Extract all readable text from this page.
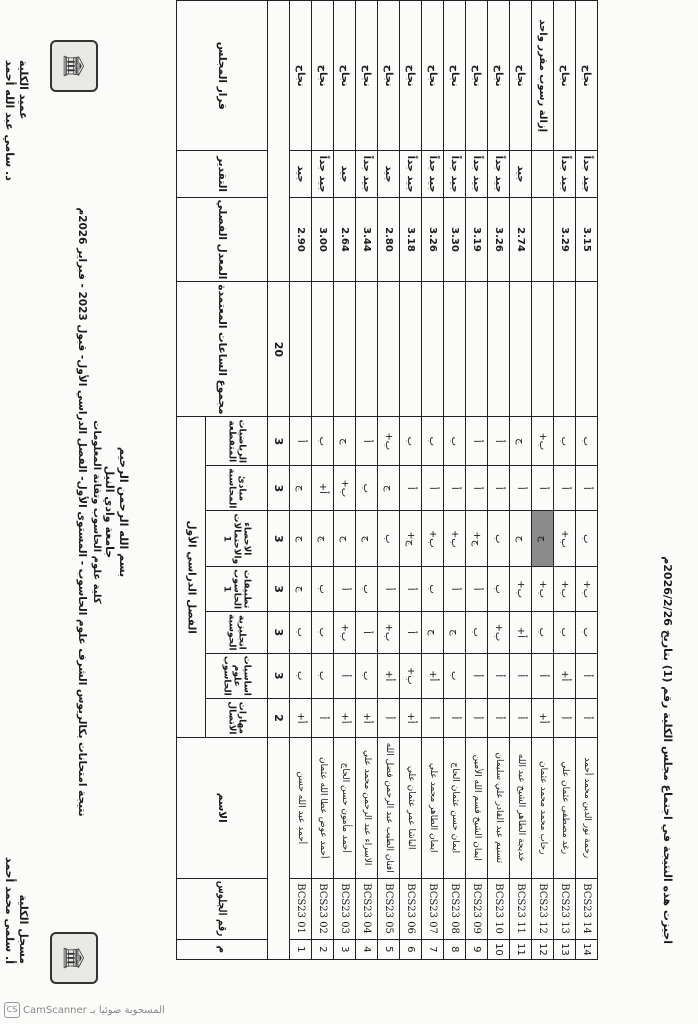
بسم الله الرحمن الرحيم
جامعة وادي النيل
كلية علوم الحاسوب وتقانة المعلومات
نتيجة امتحانات بكالريوس الشرف علوم الحاسوب - المستوى الأول- الفصل الدراسي الأول- قبول 2023 - فبراير 2026م
🏛
🏛
اجيزت هذه النتيجة في اجتماع مجلس الكلية رقم (1) بتاريخ 2026/2/26م
مسجل الكلية
أ. سلمى محمد أحمد
عميد الكلية
د. سامي عبد الله أحمد
م	رقم الجلوس	الاسم	الفصل الدراسي الأول							مجموع الساعات المعتمدة	المعدل الفصلي	التقدير	قرار المجلس
			مهارات الاتصال	اساسيات علوم الحاسوب	انجليزية الحوسبة	تطبيقات الحاسوب 1	الاحصاء والاحتمالات 1	مبادئ المحاسبة	الرياضيات المتقطعة				
			2	3	3	3	3	3	3	20			
1	BCS23 01	أحمد عبد الله حسن	أ+	ب	ب	ج	ج	ج	أ		2.90	جيد	نجاح
2	BCS23 02	أحمد عوض عطا الله عثمان	أ	ب	ب	ب	ج	أ+	ب		3.00	جيد جداً	نجاح
3	BCS23 03	أحمد مأمون حسن الحاج	أ+	أ	ب+	أ	ج	ب+	ج		2.64	جيد	نجاح
4	BCS23 04	الاسراء عبد الرحمن محمد علي	أ+	ب	أ	ب	ج	ب	أ		3.44	جيد جداً	نجاح
5	BCS23 05	افنان الطيب عبد الرحمن فضل الله	أ	أ+	ب+	أ	ب	ج	ب+		2.80	جيد	نجاح
6	BCS23 06	الباشا عمر عثمان علي	أ+	ب+	أ	أ	ج+	أ	ب		3.18	جيد جداً	نجاح
7	BCS23 07	ايمان الطاهر محمد علي	أ	أ+	ج	ب	ب+	أ	ب		3.26	جيد جداً	نجاح
8	BCS23 08	ايمان حسن عثمان الحاج	أ	ب	ج	أ	ب+	أ	ب		3.30	جيد جداً	نجاح
9	BCS23 09	ايمان الشيخ قسم الله الأمين	أ	أ	ب	أ	ج+	أ	أ		3.19	جيد جداً	نجاح
10	BCS23 10	تسنيم عبد القادر علي سليمان	أ	أ	ب+	ب	ب	أ	أ		3.26	جيد جداً	نجاح
11	BCS23 11	خديجة الطاهر الشيخ عبد الله	أ	أ	أ+	ب+	ج	أ	ج		2.74	جيد	نجاح
12	BCS23 12	رحاب محمد محمد عثمان	أ+	أ	ب	ب+	ج	أ	ب+				إزالة رسوب مقرر واحد
13	BCS23 13	رغد مصطفى عثمان علي	أ	أ+	ب	ب+	ب+	أ	ب		3.29	جيد جداً	نجاح
14	BCS23 14	رحمة نور الدين محمد أحمد	أ	أ	ب	ب+	ب	أ	ب		3.15	جيد جداً	نجاح
CS CamScanner المسحوبة ضوئيا بـ
